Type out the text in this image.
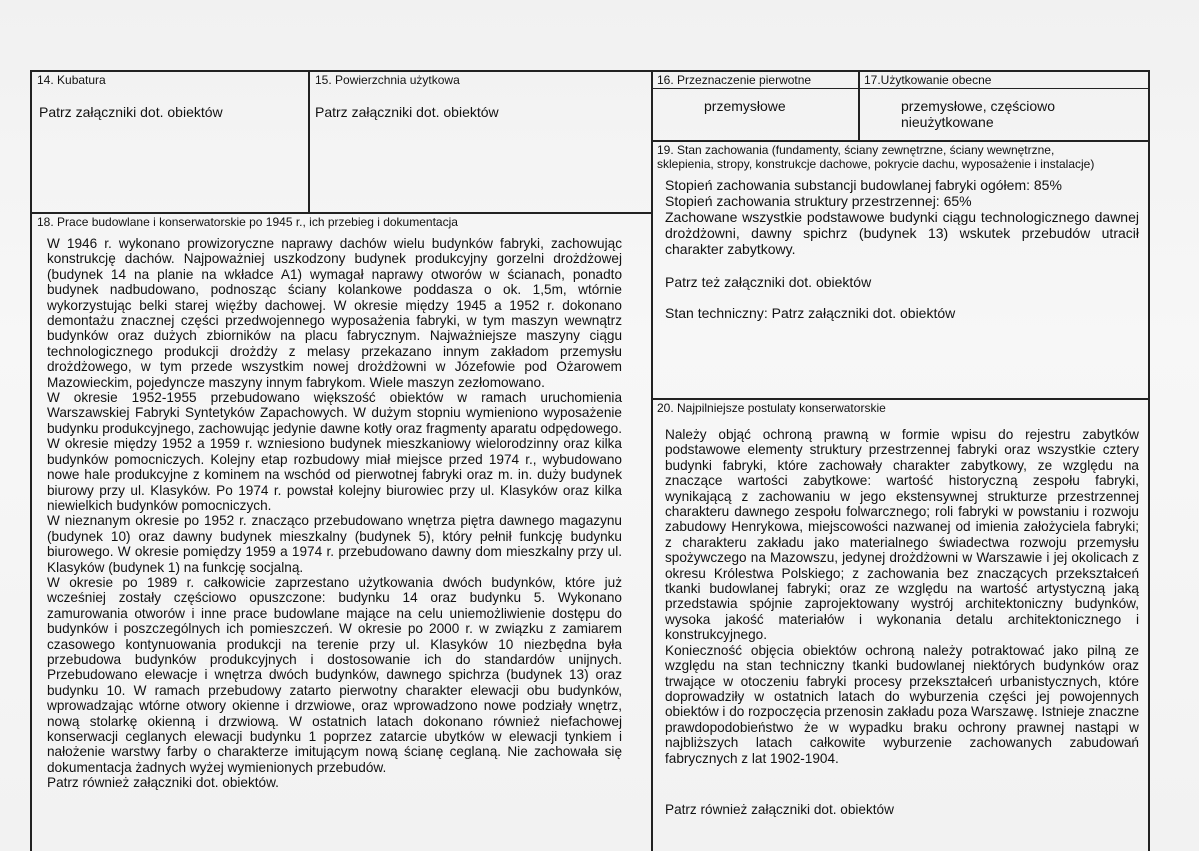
14. Kubatura
Patrz załączniki dot. obiektów
15. Powierzchnia użytkowa
Patrz załączniki dot. obiektów
16. Przeznaczenie pierwotne
przemysłowe
17.Użytkowanie obecne
przemysłowe, częściowo nieużytkowane
19. Stan zachowania (fundamenty, ściany zewnętrzne, ściany wewnętrzne,
sklepienia, stropy, konstrukcje dachowe, pokrycie dachu, wyposażenie i instalacje)
Stopień zachowania substancji budowlanej fabryki ogółem: 85%
Stopień zachowania struktury przestrzennej: 65%
Zachowane wszystkie podstawowe budynki ciągu technologicznego dawnej drożdżowni, dawny spichrz (budynek 13) wskutek przebudów utracił charakter zabytkowy.
Patrz też załączniki dot. obiektów
Stan techniczny: Patrz załączniki dot. obiektów
18. Prace budowlane i konserwatorskie po 1945 r., ich przebieg i dokumentacja

W 1946 r. wykonano prowizoryczne naprawy dachów wielu budynków fabryki, zachowując konstrukcję dachów. Najpoważniej uszkodzony budynek produkcyjny gorzelni drożdżowej (budynek 14 na planie na wkładce A1) wymagał naprawy otworów w ścianach, ponadto budynek nadbudowano, podnosząc ściany kolankowe poddasza o ok. 1,5m, wtórnie wykorzystując belki starej więźby dachowej. W okresie między 1945 a 1952 r. dokonano demontażu znacznej części przedwojennego wyposażenia fabryki, w tym maszyn wewnątrz budynków oraz dużych zbiorników na placu fabrycznym. Najważniejsze maszyny ciągu technologicznego produkcji drożdży z melasy przekazano innym zakładom przemysłu drożdżowego, w tym przede wszystkim nowej drożdżowni w Józefowie pod Ożarowem Mazowieckim, pojedyncze maszyny innym fabrykom. Wiele maszyn zezłomowano.

W okresie 1952-1955 przebudowano większość obiektów w ramach uruchomienia Warszawskiej Fabryki Syntetyków Zapachowych. W dużym stopniu wymieniono wyposażenie budynku produkcyjnego, zachowując jedynie dawne kotły oraz fragmenty aparatu odpędowego. W okresie między 1952 a 1959 r. wzniesiono budynek mieszkaniowy wielorodzinny oraz kilka budynków pomocniczych. Kolejny etap rozbudowy miał miejsce przed 1974 r., wybudowano nowe hale produkcyjne z kominem na wschód od pierwotnej fabryki oraz m. in. duży budynek biurowy przy ul. Klasyków. Po 1974 r. powstał kolejny biurowiec przy ul. Klasyków oraz kilka niewielkich budynków pomocniczych.

W nieznanym okresie po 1952 r. znacząco przebudowano wnętrza piętra dawnego magazynu (budynek 10) oraz dawny budynek mieszkalny (budynek 5), który pełnił funkcję budynku biurowego. W okresie pomiędzy 1959 a 1974 r. przebudowano dawny dom mieszkalny przy ul. Klasyków (budynek 1) na funkcję socjalną.

W okresie po 1989 r. całkowicie zaprzestano użytkowania dwóch budynków, które już wcześniej zostały częściowo opuszczone: budynku 14 oraz budynku 5. Wykonano zamurowania otworów i inne prace budowlane mające na celu uniemożliwienie dostępu do budynków i poszczególnych ich pomieszczeń. W okresie po 2000 r. w związku z zamiarem czasowego kontynuowania produkcji na terenie przy ul. Klasyków 10 niezbędna była przebudowa budynków produkcyjnych i dostosowanie ich do standardów unijnych. Przebudowano elewacje i wnętrza dwóch budynków, dawnego spichrza (budynek 13) oraz budynku 10. W ramach przebudowy zatarto pierwotny charakter elewacji obu budynków, wprowadzając wtórne otwory okienne i drzwiowe, oraz wprowadzono nowe podziały wnętrz, nową stolarkę okienną i drzwiową. W ostatnich latach dokonano również niefachowej konserwacji ceglanych elewacji budynku 1 poprzez zatarcie ubytków w elewacji tynkiem i nałożenie warstwy farby o charakterze imitującym nową ścianę ceglaną. Nie zachowała się dokumentacja żadnych wyżej wymienionych przebudów.

Patrz również załączniki dot. obiektów.

20. Najpilniejsze postulaty konserwatorskie

Należy objąć ochroną prawną w formie wpisu do rejestru zabytków podstawowe elementy struktury przestrzennej fabryki oraz wszystkie cztery budynki fabryki, które zachowały charakter zabytkowy, ze względu na znaczące wartości zabytkowe: wartość historyczną zespołu fabryki, wynikającą z zachowaniu w jego ekstensywnej strukturze przestrzennej charakteru dawnego zespołu folwarcznego; roli fabryki w powstaniu i rozwoju zabudowy Henrykowa, miejscowości nazwanej od imienia założyciela fabryki; z charakteru zakładu jako materialnego świadectwa rozwoju przemysłu spożywczego na Mazowszu, jedynej drożdżowni w Warszawie i jej okolicach z okresu Królestwa Polskiego; z zachowania bez znaczących przekształceń tkanki budowlanej fabryki; oraz ze względu na wartość artystyczną jaką przedstawia spójnie zaprojektowany wystrój architektoniczny budynków, wysoka jakość materiałów i wykonania detalu architektonicznego i konstrukcyjnego.

Konieczność objęcia obiektów ochroną należy potraktować jako pilną ze względu na stan techniczny tkanki budowlanej niektórych budynków oraz trwające w otoczeniu fabryki procesy przekształceń urbanistycznych, które doprowadziły w ostatnich latach do wyburzenia części jej powojennych obiektów i do rozpoczęcia przenosin zakładu poza Warszawę. Istnieje znaczne prawdopodobieństwo że w wypadku braku ochrony prawnej nastąpi w najbliższych latach całkowite wyburzenie zachowanych zabudowań fabrycznych z lat 1902-1904.

Patrz również załączniki dot. obiektów
